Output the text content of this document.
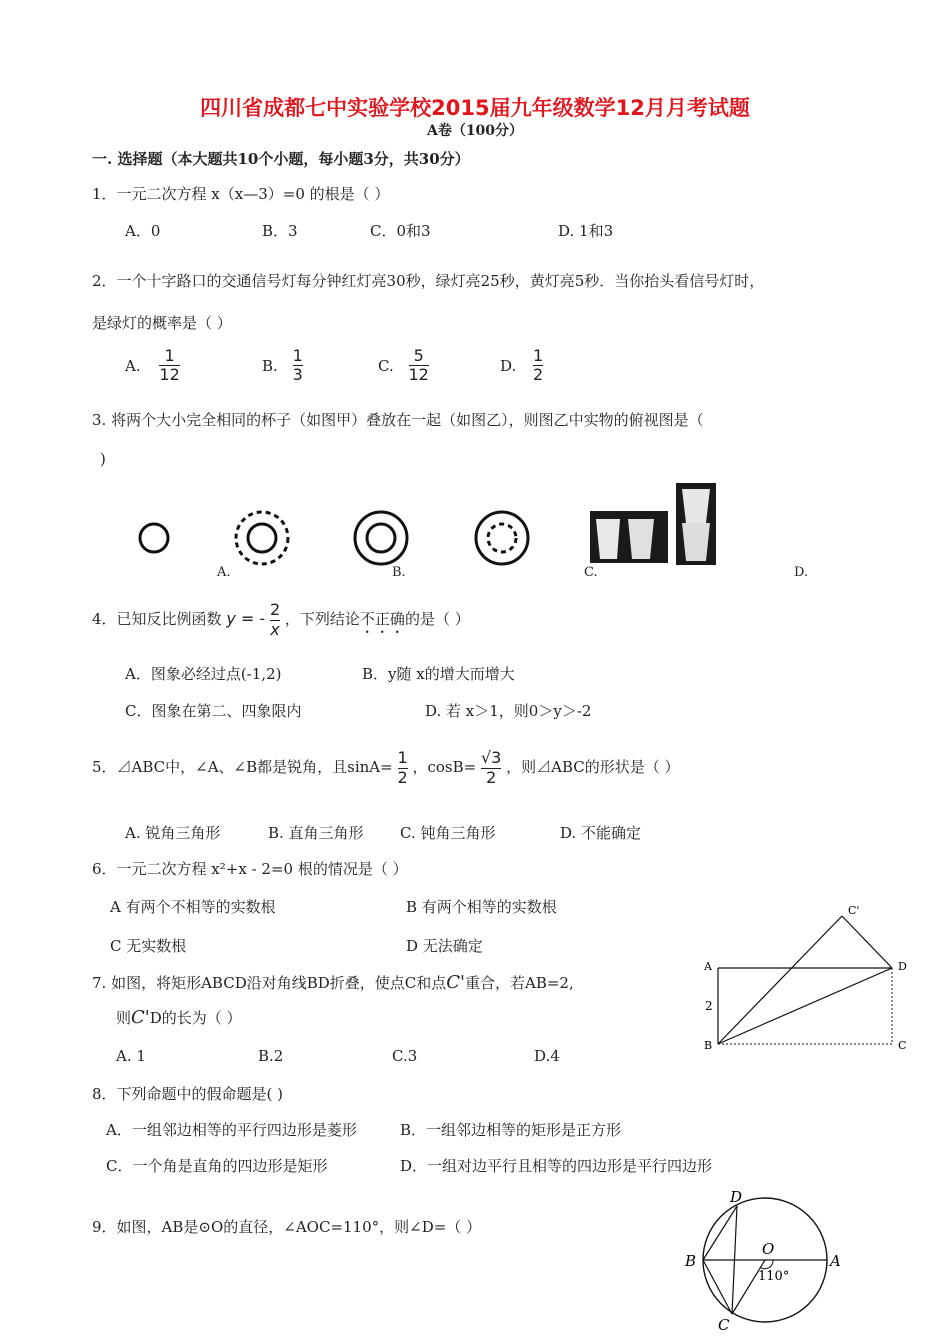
四川省成都七中实验学校2015届九年级数学12月月考试题
A卷（100分）
一. 选择题（本大题共10个小题，每小题3分，共30分）
1．一元二次方程 x（x—3）=0 的根是（ ）
A．0	B．3	C．0和3	D. 1和3
2．一个十字路口的交通信号灯每分钟红灯亮30秒，绿灯亮25秒，黄灯亮5秒．当你抬头看信号灯时，
是绿灯的概率是（ ）
A. $\frac{1}{12}$	B. $\frac{1}{3}$	C. $\frac{5}{12}$	D. $\frac{1}{2}$
3. 将两个大小完全相同的杯子（如图甲）叠放在一起（如图乙），则图乙中实物的俯视图是（
)
A.	B.	C.	D.
4．已知反比例函数 y = - $\frac{2}{x}$ ，下列结论不正确的是（ ）
A．图象必经过点(-1,2)	B．y随 x的增大而增大
C．图象在第二、四象限内	D. 若 x＞1，则0＞y＞-2
5．⊿ABC中，∠A、∠B都是锐角，且$\sin A= \frac{1}{2}$ ，$\cos B= \frac{√3}{2}$ ，则⊿ABC的形状是（ ）
A. 锐角三角形	B. 直角三角形 C. 钝角三角形	D. 不能确定
6．一元二次方程 x²+x - 2=0 根的情况是（ ）
A 有两个不相等的实数根	B 有两个相等的实数根
C 无实数根	D 无法确定
7. 如图，将矩形ABCD沿对角线BD折叠，使点C和点C'重合，若AB=2,
则C'D的长为（ ）
A. 1	B.2	C.3	D.4
A
B	C
D
C'
2
8．下列命题中的假命题是( )
A．一组邻边相等的平行四边形是菱形	B．一组邻边相等的矩形是正方形
C．一个角是直角的四边形是矩形	D．一组对边平行且相等的四边形是平行四边形
9．如图，AB是⊙O的直径，∠AOC=110°，则∠D=（ ）
D
B	A
O
C
110°
